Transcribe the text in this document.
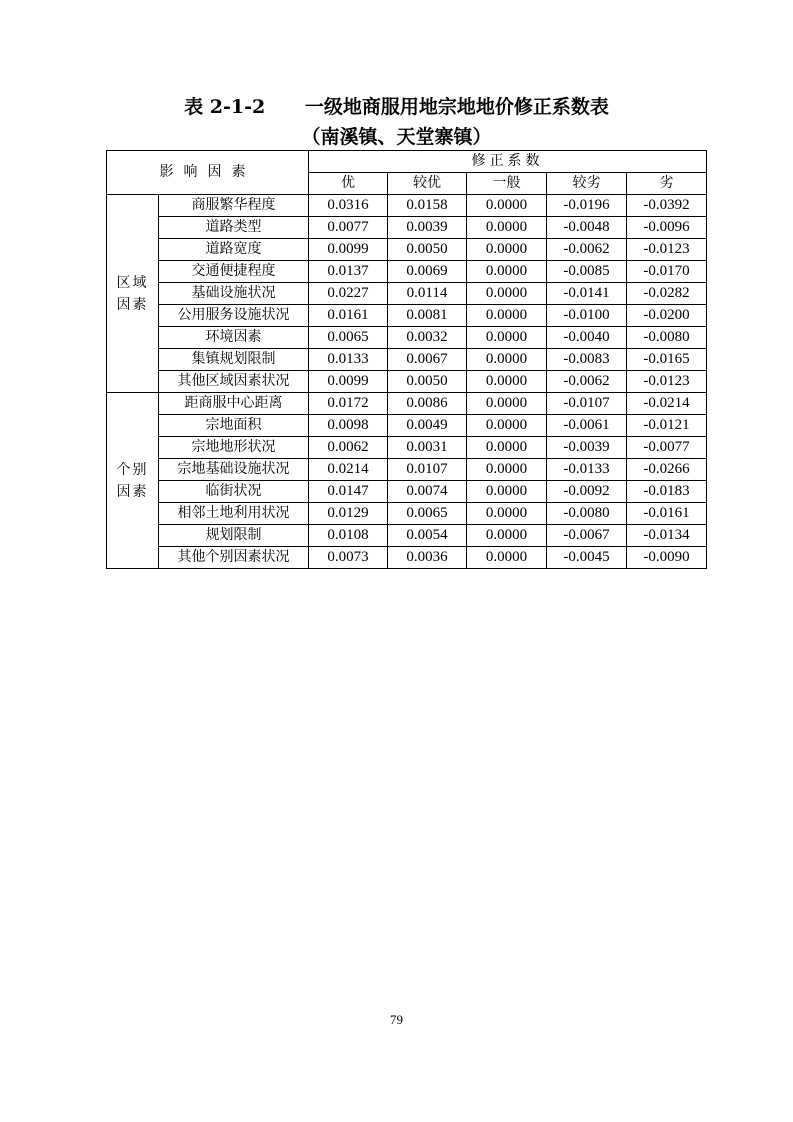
表 2-1-2      一级地商服用地宗地地价修正系数表
（南溪镇、天堂寨镇）
影响因素		修正系数				
		优	较优	一般	较劣	劣

区域
因素	商服繁华程度	0.0316	0.0158	0.0000	-0.0196	-0.0392
	道路类型	0.0077	0.0039	0.0000	-0.0048	-0.0096
	道路宽度	0.0099	0.0050	0.0000	-0.0062	-0.0123
	交通便捷程度	0.0137	0.0069	0.0000	-0.0085	-0.0170
	基础设施状况	0.0227	0.0114	0.0000	-0.0141	-0.0282
	公用服务设施状况	0.0161	0.0081	0.0000	-0.0100	-0.0200
	环境因素	0.0065	0.0032	0.0000	-0.0040	-0.0080
	集镇规划限制	0.0133	0.0067	0.0000	-0.0083	-0.0165
	其他区域因素状况	0.0099	0.0050	0.0000	-0.0062	-0.0123

个别
因素	距商服中心距离	0.0172	0.0086	0.0000	-0.0107	-0.0214
	宗地面积	0.0098	0.0049	0.0000	-0.0061	-0.0121
	宗地地形状况	0.0062	0.0031	0.0000	-0.0039	-0.0077
	宗地基础设施状况	0.0214	0.0107	0.0000	-0.0133	-0.0266
	临街状况	0.0147	0.0074	0.0000	-0.0092	-0.0183
	相邻土地利用状况	0.0129	0.0065	0.0000	-0.0080	-0.0161
	规划限制	0.0108	0.0054	0.0000	-0.0067	-0.0134
	其他个别因素状况	0.0073	0.0036	0.0000	-0.0045	-0.0090
79
